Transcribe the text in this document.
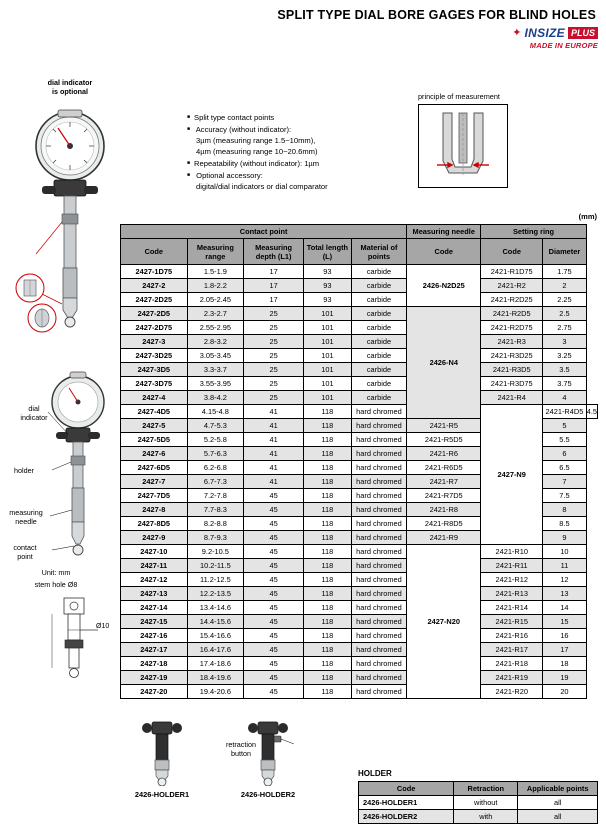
SPLIT TYPE DIAL BORE GAGES FOR BLIND HOLES
✦ INSIZE PLUS
MADE IN EUROPE
■ Split type contact points
■ Accuracy (without indicator):
3µm (measuring range 1.5~10mm),
4µm (measuring range 10~20.6mm)
■ Repeatability (without indicator): 1µm
■ Optional accessory:
digital/dial indicators or dial comparator
principle of measurement
dial indicator
is optional
dial
indicator
holder
measuring
needle
contact
point
Unit: mm
stem hole Ø8
Ø10
(mm)
Contact point					Measuring needle	Setting ring		
Code	Measuring range	Measuring depth (L1)	Total length (L)	Material of points	Code	Code	Diameter	
2427-1D75	1.5-1.9	17	93	carbide	2426-N2D25	2421-R1D75	1.75	
2427-2	1.8-2.2	17	93	carbide		2421-R2	2	
2427-2D25	2.05-2.45	17	93	carbide		2421-R2D25	2.25	
2427-2D5	2.3-2.7	25	101	carbide	2426-N4	2421-R2D5	2.5	
2427-2D75	2.55-2.95	25	101	carbide		2421-R2D75	2.75	
2427-3	2.8-3.2	25	101	carbide		2421-R3	3	
2427-3D25	3.05-3.45	25	101	carbide		2421-R3D25	3.25	
2427-3D5	3.3-3.7	25	101	carbide		2421-R3D5	3.5	
2427-3D75	3.55-3.95	25	101	carbide		2421-R3D75	3.75	
2427-4	3.8-4.2	25	101	carbide		2421-R4	4	
2427-4D5	4.15-4.8	41	118	hard chromed		2427-N9	2421-R4D5	4.5
2427-5	4.7-5.3	41	118	hard chromed	2421-R5		5	
2427-5D5	5.2-5.8	41	118	hard chromed	2421-R5D5		5.5	
2427-6	5.7-6.3	41	118	hard chromed	2421-R6		6	
2427-6D5	6.2-6.8	41	118	hard chromed	2421-R6D5		6.5	
2427-7	6.7-7.3	41	118	hard chromed	2421-R7		7	
2427-7D5	7.2-7.8	45	118	hard chromed	2421-R7D5		7.5	
2427-8	7.7-8.3	45	118	hard chromed	2421-R8		8	
2427-8D5	8.2-8.8	45	118	hard chromed	2421-R8D5		8.5	
2427-9	8.7-9.3	45	118	hard chromed	2421-R9		9	
2427-10	9.2-10.5	45	118	hard chromed	2427-N20	2421-R10	10	
2427-11	10.2-11.5	45	118	hard chromed		2421-R11	11	
2427-12	11.2-12.5	45	118	hard chromed		2421-R12	12	
2427-13	12.2-13.5	45	118	hard chromed		2421-R13	13	
2427-14	13.4-14.6	45	118	hard chromed		2421-R14	14	
2427-15	14.4-15.6	45	118	hard chromed		2421-R15	15	
2427-16	15.4-16.6	45	118	hard chromed		2421-R16	16	
2427-17	16.4-17.6	45	118	hard chromed		2421-R17	17	
2427-18	17.4-18.6	45	118	hard chromed		2421-R18	18	
2427-19	18.4-19.6	45	118	hard chromed		2421-R19	19	
2427-20	19.4-20.6	45	118	hard chromed		2421-R20	20	
2426-HOLDER1
retraction
button
2426-HOLDER2
HOLDER
Code	Retraction	Applicable points
2426-HOLDER1	without	all
2426-HOLDER2	with	all
